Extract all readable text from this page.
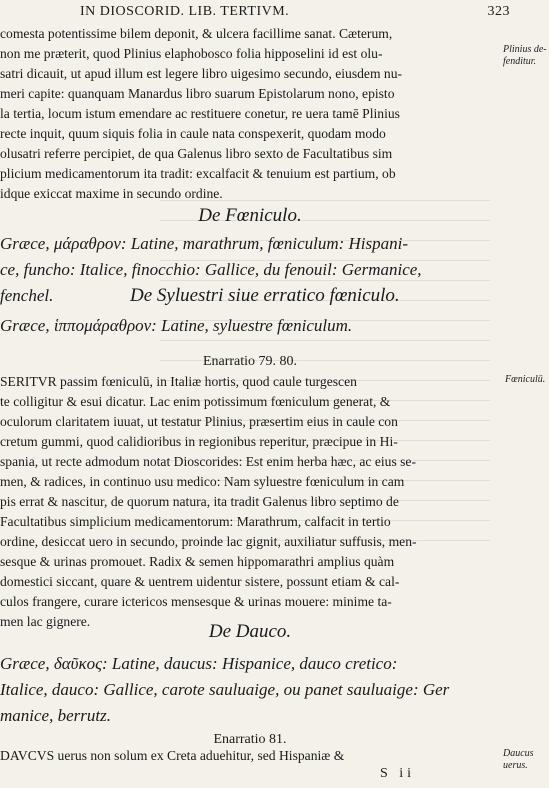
IN DIOSCORID. LIB. TERTIVM.	323
comesta potentissime bilem deponit, & ulcera facillime sanat. Cæterum,
non me præterit, quod Plinius elaphobosco folia hipposelini id est olu-
satri dicauit, ut apud illum est legere libro uigesimo secundo, eiusdem nu-
meri capite: quanquam Manardus libro suarum Epistolarum nono, episto
la tertia, locum istum emendare ac restituere conetur, re uera tamē Plinius
recte inquit, quum siquis folia in caule nata conspexerit, quodam modo
olusatri referre percipiet, de qua Galenus libro sexto de Facultatibus sim
plicium medicamentorum ita tradit: excalfacit & tenuium est partium, ob
idque exiccat maxime in secundo ordine.
Plinius de- fenditur.
De Fœniculo.
Græce, μάραθρον: Latine, marathrum, fœniculum: Hispani-
ce, funcho: Italice, finocchio: Gallice, du fenouil: Germanice,
fenchel.	De Syluestri siue erratico fœniculo.
Græce, ἱππομάραθρον: Latine, syluestre fœniculum.
Enarratio 79. 80.
SERITVR passim fœniculū, in Italiæ hortis, quod caule turgescen
te colligitur & esui dicatur. Lac enim potissimum fœniculum generat, &
oculorum claritatem iuuat, ut testatur Plinius, præsertim eius in caule con
cretum gummi, quod calidioribus in regionibus reperitur, præcipue in Hi-
spania, ut recte admodum notat Dioscorides: Est enim herba hæc, ac eius se-
men, & radices, in continuo usu medico: Nam syluestre fœniculum in cam
pis errat & nascitur, de quorum natura, ita tradit Galenus libro septimo de
Facultatibus simplicium medicamentorum: Marathrum, calfacit in tertio
ordine, desiccat uero in secundo, proinde lac gignit, auxiliatur suffusis, men-
sesque & urinas promouet. Radix & semen hippomarathri amplius quàm
domestici siccant, quare & uentrem uidentur sistere, possunt etiam & cal-
culos frangere, curare ictericos mensesque & urinas mouere: minime ta-
men lac gignere.
Fœniculū.
De Dauco.
Græce, δαῦκος: Latine, daucus: Hispanice, dauco cretico:
Italice, dauco: Gallice, carote sauluaige, ou panet sauluaige: Ger
manice, berrutz.
Enarratio 81.
DAVCVS uerus non solum ex Creta aduehitur, sed Hispaniæ &	Daucus uerus.
S ii
